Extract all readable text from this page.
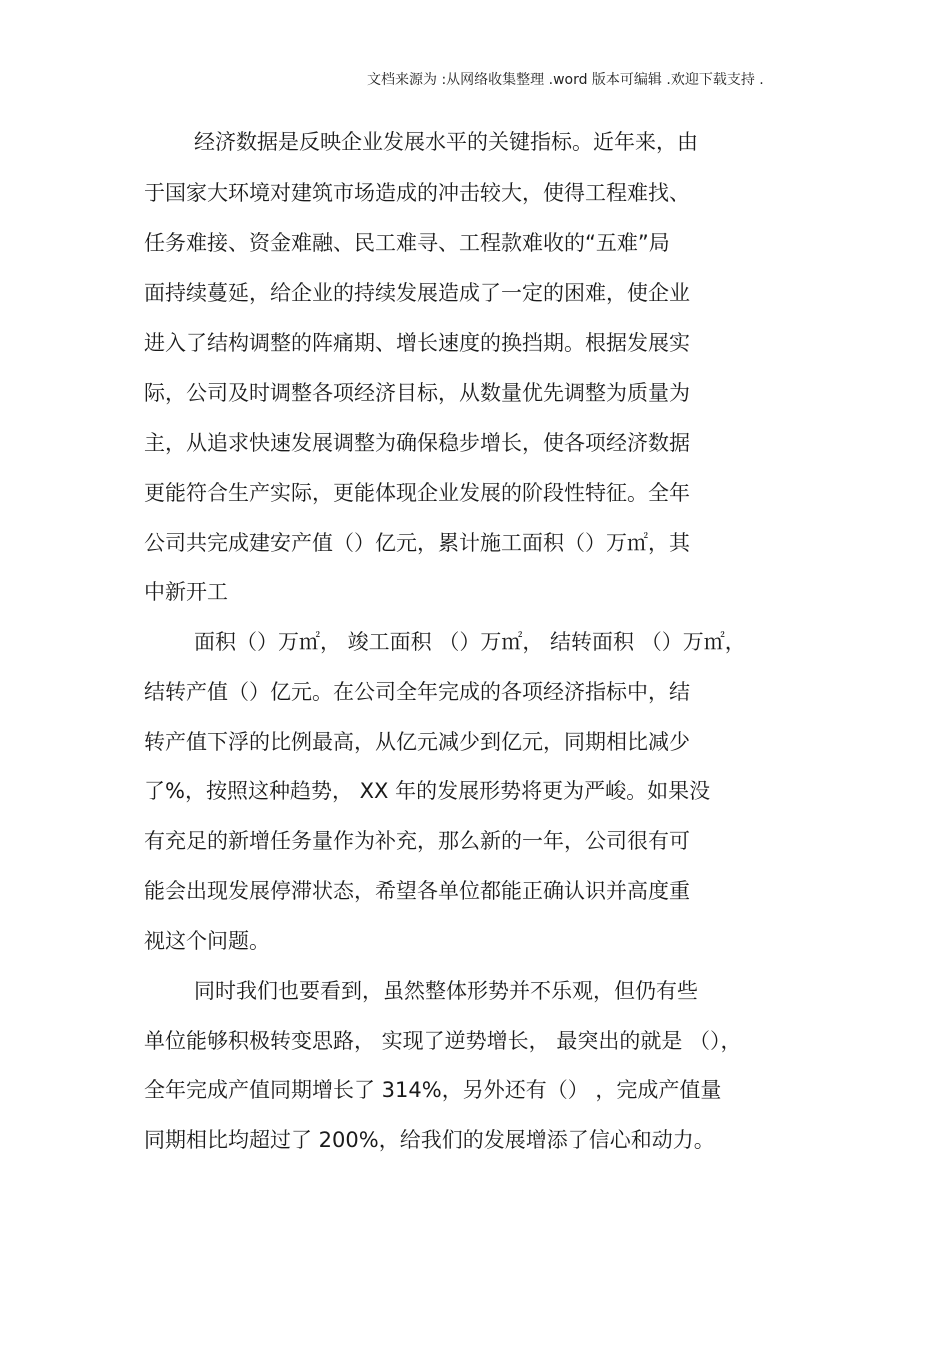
文档来源为 :从网络收集整理 .word 版本可编辑 .欢迎下载支持 .
经济数据是反映企业发展水平的关键指标。近年来，由
于国家大环境对建筑市场造成的冲击较大，使得工程难找、
任务难接、资金难融、民工难寻、工程款难收的“五难”局
面持续蔓延，给企业的持续发展造成了一定的困难，使企业
进入了结构调整的阵痛期、增长速度的换挡期。根据发展实
际，公司及时调整各项经济目标，从数量优先调整为质量为
主，从追求快速发展调整为确保稳步增长，使各项经济数据
更能符合生产实际，更能体现企业发展的阶段性特征。全年
公司共完成建安产值（）亿元，累计施工面积（）万㎡，其
中新开工
面积（）万㎡， 竣工面积 （）万㎡， 结转面积 （）万㎡，
结转产值（）亿元。在公司全年完成的各项经济指标中，结
转产值下浮的比例最高，从亿元减少到亿元，同期相比减少
了%，按照这种趋势， XX 年的发展形势将更为严峻。如果没
有充足的新增任务量作为补充，那么新的一年，公司很有可
能会出现发展停滞状态，希望各单位都能正确认识并高度重
视这个问题。
同时我们也要看到，虽然整体形势并不乐观，但仍有些
单位能够积极转变思路， 实现了逆势增长， 最突出的就是 （），
全年完成产值同期增长了 314%，另外还有（） ，完成产值量
同期相比均超过了 200%，给我们的发展增添了信心和动力。
